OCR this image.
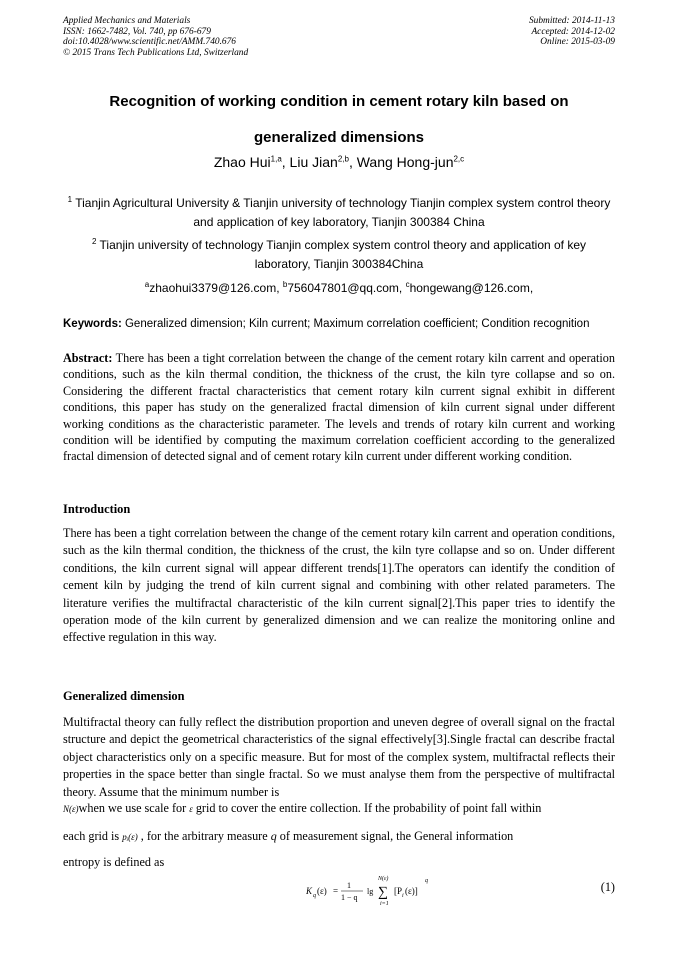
Applied Mechanics and Materials
ISSN: 1662-7482, Vol. 740, pp 676-679
doi:10.4028/www.scientific.net/AMM.740.676
© 2015 Trans Tech Publications Ltd, Switzerland
Submitted: 2014-11-13
Accepted: 2014-12-02
Online: 2015-03-09
Recognition of working condition in cement rotary kiln based on
generalized dimensions
Zhao Hui$^{1,a}$, Liu Jian$^{2,b}$, Wang Hong-jun$^{2,c}$
$^1$ Tianjin Agricultural University & Tianjin university of technology Tianjin complex system control theory and application of key laboratory, Tianjin 300384 China
$^2$ Tianjin university of technology Tianjin complex system control theory and application of key laboratory, Tianjin 300384China
$^a$zhaohui3379@126.com, $^b$756047801@qq.com, $^c$hongewang@126.com,
Keywords: Generalized dimension; Kiln current; Maximum correlation coefficient; Condition recognition
Abstract: There has been a tight correlation between the change of the cement rotary kiln carrent and operation conditions, such as the kiln thermal condition, the thickness of the crust, the kiln tyre collapse and so on. Considering the different fractal characteristics that cement rotary kiln current signal exhibit in different conditions, this paper has study on the generalized fractal dimension of kiln current signal under different working conditions as the characteristic parameter. The levels and trends of rotary kiln current and working condition will be identified by computing the maximum correlation coefficient according to the generalized fractal dimension of detected signal and of cement rotary kiln current under different working condition.
Introduction
There has been a tight correlation between the change of the cement rotary kiln carrent and operation conditions, such as the kiln thermal condition, the thickness of the crust, the kiln tyre collapse and so on. Under different conditions, the kiln current signal will appear different trends[1].The operators can identify the condition of cement kiln by judging the trend of kiln current signal and combining with other related parameters. The literature verifies the multifractal characteristic of the kiln current signal[2].This paper tries to identify the operation mode of the kiln current by generalized dimension and we can realize the monitoring online and effective regulation in this way.
Generalized dimension
Multifractal theory can fully reflect the distribution proportion and uneven degree of overall signal on the fractal structure and depict the geometrical characteristics of the signal effectively[3].Single fractal can describe fractal object characteristics only on a specific measure. But for most of the complex system, multifractal reflects their properties in the space better than single fractal. So we must analyse them from the perspective of multifractal theory. Assume that the minimum number is
N(ε)when we use scale for ε grid to cover the entire collection. If the probability of point fall within
each grid is pᵢ(ε) , for the arbitrary measure q of measurement signal, the General information
entropy is defined as
K q (ε) =
1
1 − q
lg
N(ε)
∑
i=1
[P i (ε)]
q	(1)
